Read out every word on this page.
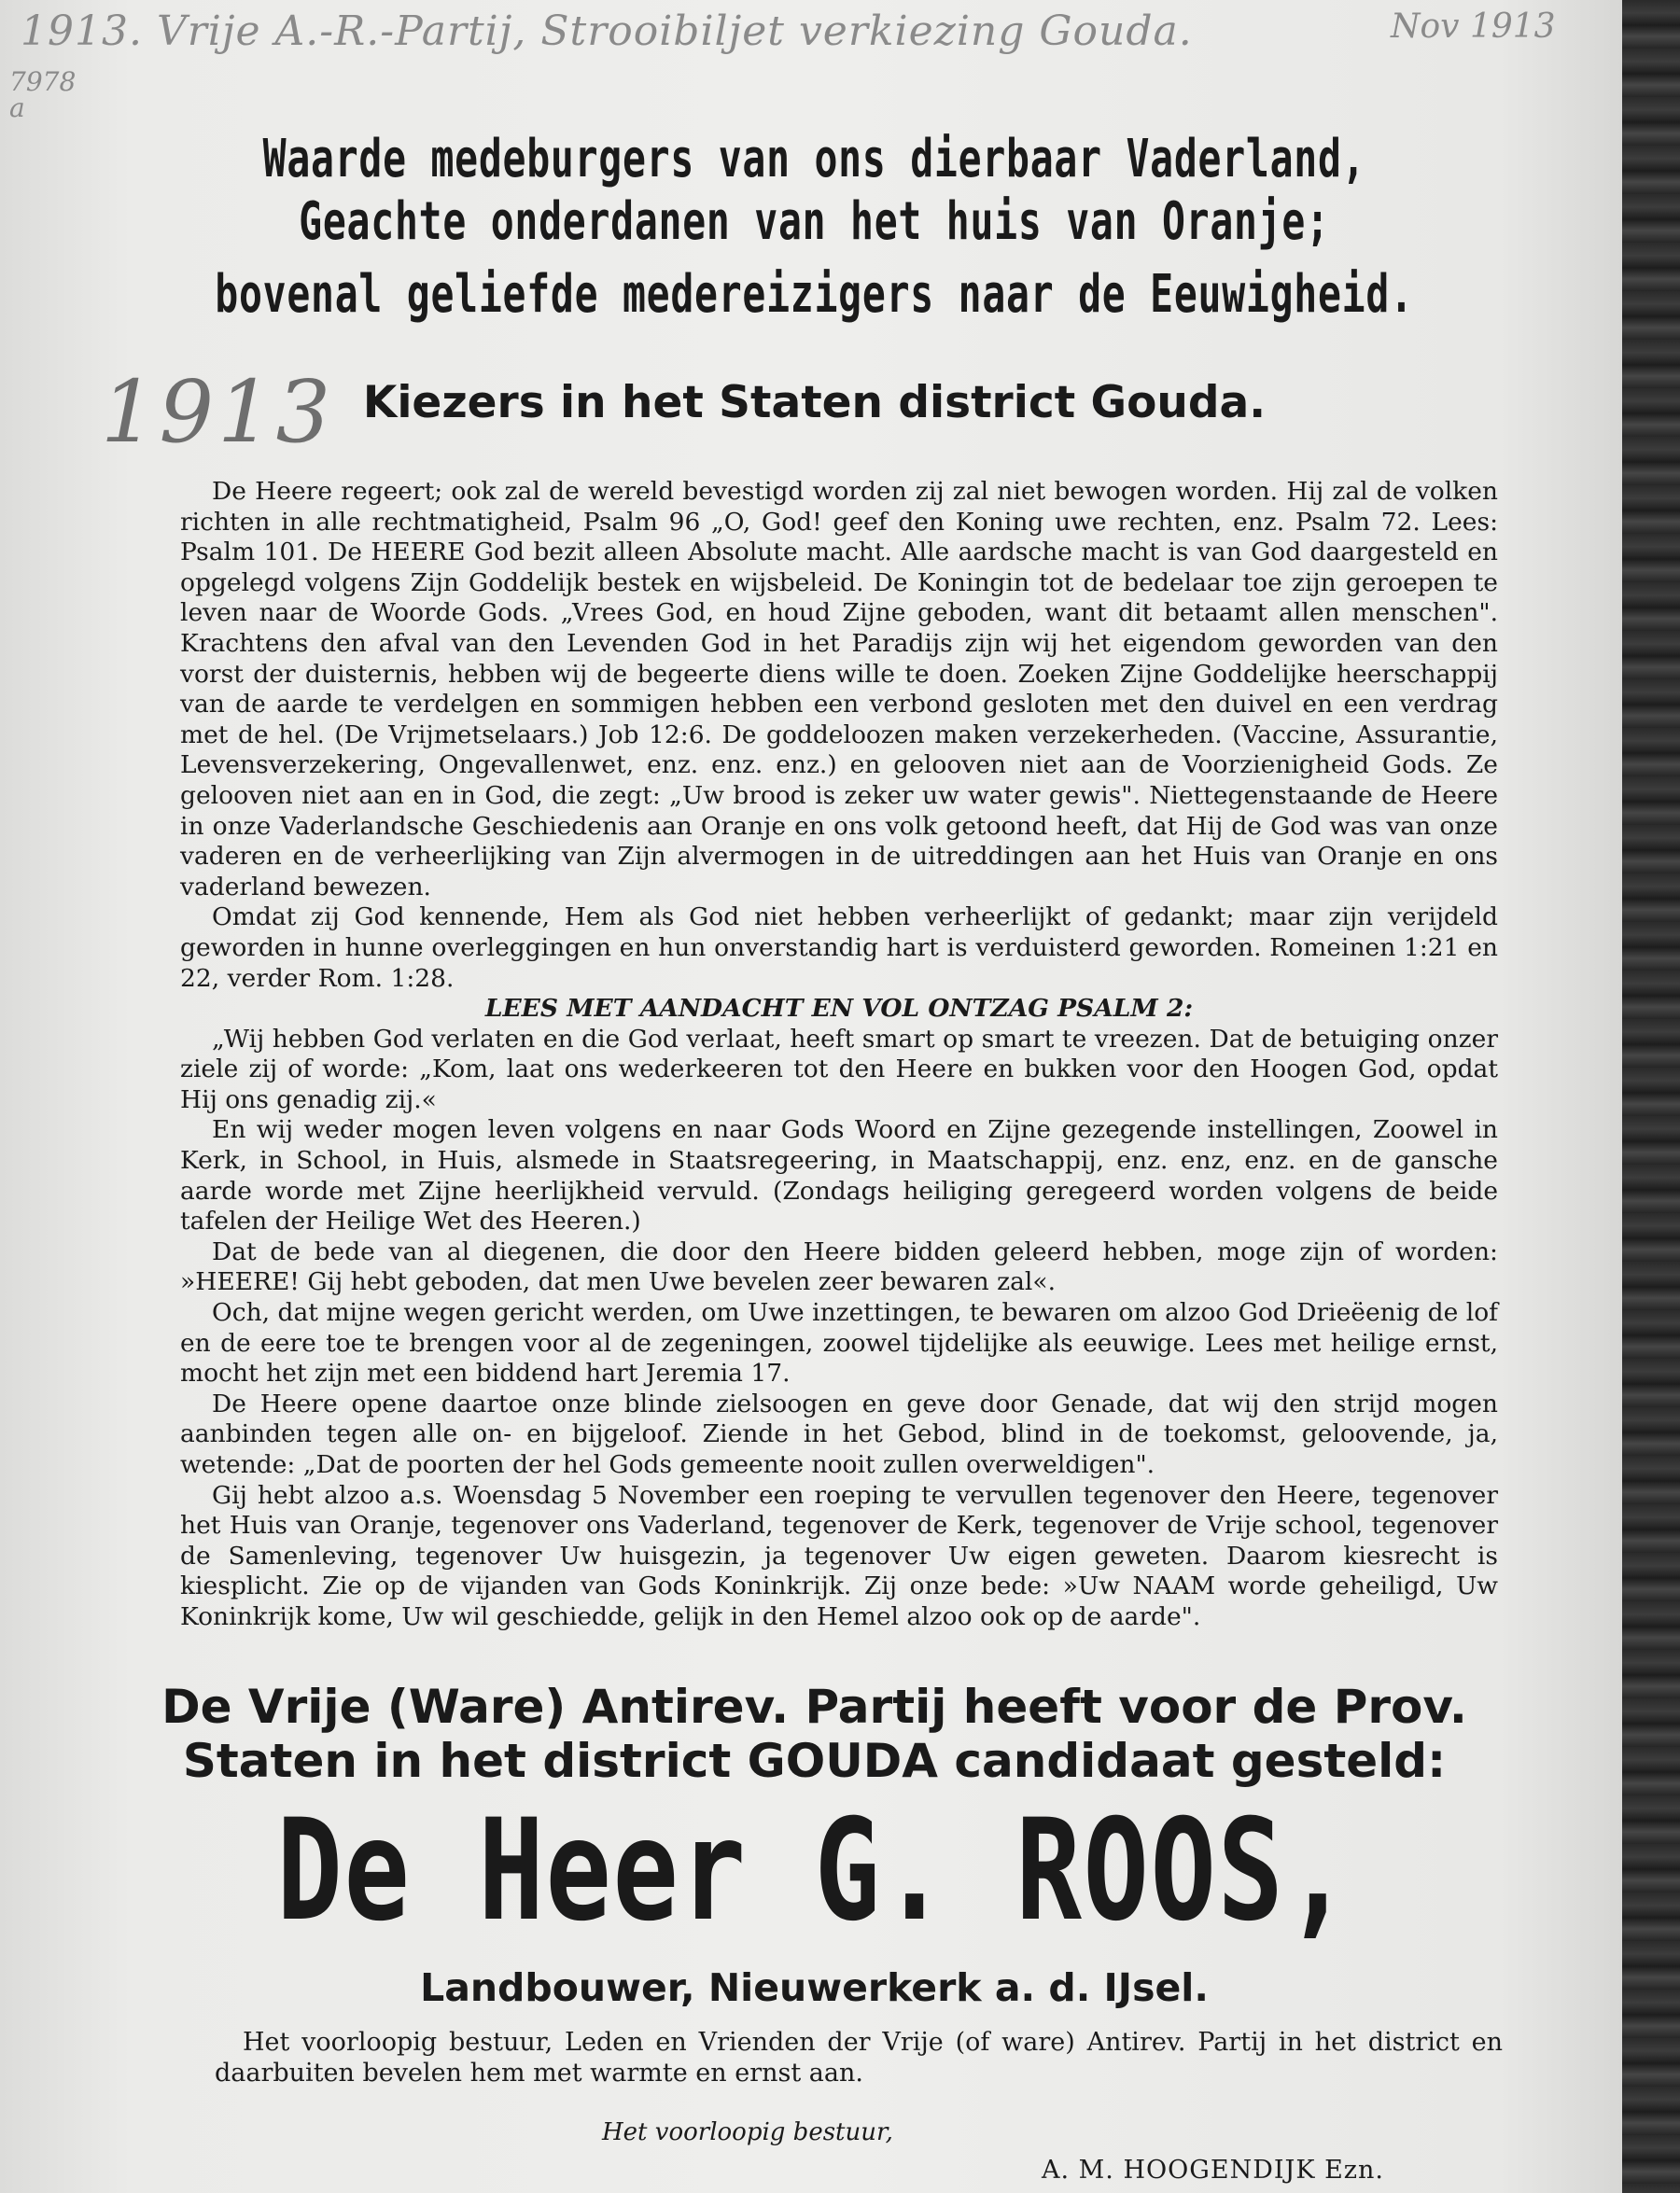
1913. Vrije A.-R.-Partij, Strooibiljet verkiezing Gouda.	Nov 1913
7978 a
1913
Waarde medeburgers van ons dierbaar Vaderland,
Geachte onderdanen van het huis van Oranje;
bovenal geliefde medereizigers naar de Eeuwigheid.
Kiezers in het Staten district Gouda.

De Heere regeert; ook zal de wereld bevestigd worden zij zal niet bewogen worden. Hij zal de volken richten in alle rechtmatigheid, Psalm 96 „O, God! geef den Koning uwe rechten, enz. Psalm 72. Lees: Psalm 101. De HEERE God bezit alleen Absolute macht. Alle aardsche macht is van God daargesteld en opgelegd volgens Zijn Goddelijk bestek en wijsbeleid. De Koningin tot de bedelaar toe zijn geroepen te leven naar de Woorde Gods. „Vrees God, en houd Zijne geboden, want dit betaamt allen menschen". Krachtens den afval van den Levenden God in het Paradijs zijn wij het eigendom geworden van den vorst der duisternis, hebben wij de begeerte diens wille te doen. Zoeken Zijne Goddelijke heerschappij van de aarde te verdelgen en sommigen hebben een verbond gesloten met den duivel en een verdrag met de hel. (De Vrijmetselaars.) Job 12:6. De goddeloozen maken verzekerheden. (Vaccine, Assurantie, Levensverzekering, Ongevallenwet, enz. enz. enz.) en gelooven niet aan de Voorzienigheid Gods. Ze gelooven niet aan en in God, die zegt: „Uw brood is zeker uw water gewis". Niettegenstaande de Heere in onze Vaderlandsche Geschiedenis aan Oranje en ons volk getoond heeft, dat Hij de God was van onze vaderen en de verheerlijking van Zijn alvermogen in de uitreddingen aan het Huis van Oranje en ons vaderland bewezen.

Omdat zij God kennende, Hem als God niet hebben verheerlijkt of gedankt; maar zijn verijdeld geworden in hunne overleggingen en hun onverstandig hart is verduisterd geworden. Romeinen 1:21 en 22, verder Rom. 1:28.

LEES MET AANDACHT EN VOL ONTZAG PSALM 2:

„Wij hebben God verlaten en die God verlaat, heeft smart op smart te vreezen. Dat de betuiging onzer ziele zij of worde: „Kom, laat ons wederkeeren tot den Heere en bukken voor den Hoogen God, opdat Hij ons genadig zij.«

En wij weder mogen leven volgens en naar Gods Woord en Zijne gezegende instellingen, Zoowel in Kerk, in School, in Huis, alsmede in Staatsregeering, in Maatschappij, enz. enz, enz. en de gansche aarde worde met Zijne heerlijkheid vervuld. (Zondags heiliging geregeerd worden volgens de beide tafelen der Heilige Wet des Heeren.)

Dat de bede van al diegenen, die door den Heere bidden geleerd hebben, moge zijn of worden: »HEERE! Gij hebt geboden, dat men Uwe bevelen zeer bewaren zal«.

Och, dat mijne wegen gericht werden, om Uwe inzettingen, te bewaren om alzoo God Drieëenig de lof en de eere toe te brengen voor al de zegeningen, zoowel tijdelijke als eeuwige. Lees met heilige ernst, mocht het zijn met een biddend hart Jeremia 17.

De Heere opene daartoe onze blinde zielsoogen en geve door Genade, dat wij den strijd mogen aanbinden tegen alle on- en bijgeloof. Ziende in het Gebod, blind in de toekomst, geloovende, ja, wetende: „Dat de poorten der hel Gods gemeente nooit zullen overweldigen".

Gij hebt alzoo a.s. Woensdag 5 November een roeping te vervullen tegenover den Heere, tegenover het Huis van Oranje, tegenover ons Vaderland, tegenover de Kerk, tegenover de Vrije school, tegenover de Samenleving, tegenover Uw huisgezin, ja tegenover Uw eigen geweten. Daarom kiesrecht is kiesplicht. Zie op de vijanden van Gods Koninkrijk. Zij onze bede: »Uw NAAM worde geheiligd, Uw Koninkrijk kome, Uw wil geschiedde, gelijk in den Hemel alzoo ook op de aarde".

De Vrije (Ware) Antirev. Partij heeft voor de Prov.
Staten in het district GOUDA candidaat gesteld:
De Heer G. ROOS,
Landbouwer, Nieuwerkerk a. d. IJsel.
Het voorloopig bestuur, Leden en Vrienden der Vrije (of ware) Antirev. Partij in het district en daarbuiten bevelen hem met warmte en ernst aan.
Het voorloopig bestuur,
A. M. HOOGENDIJK Ezn.
